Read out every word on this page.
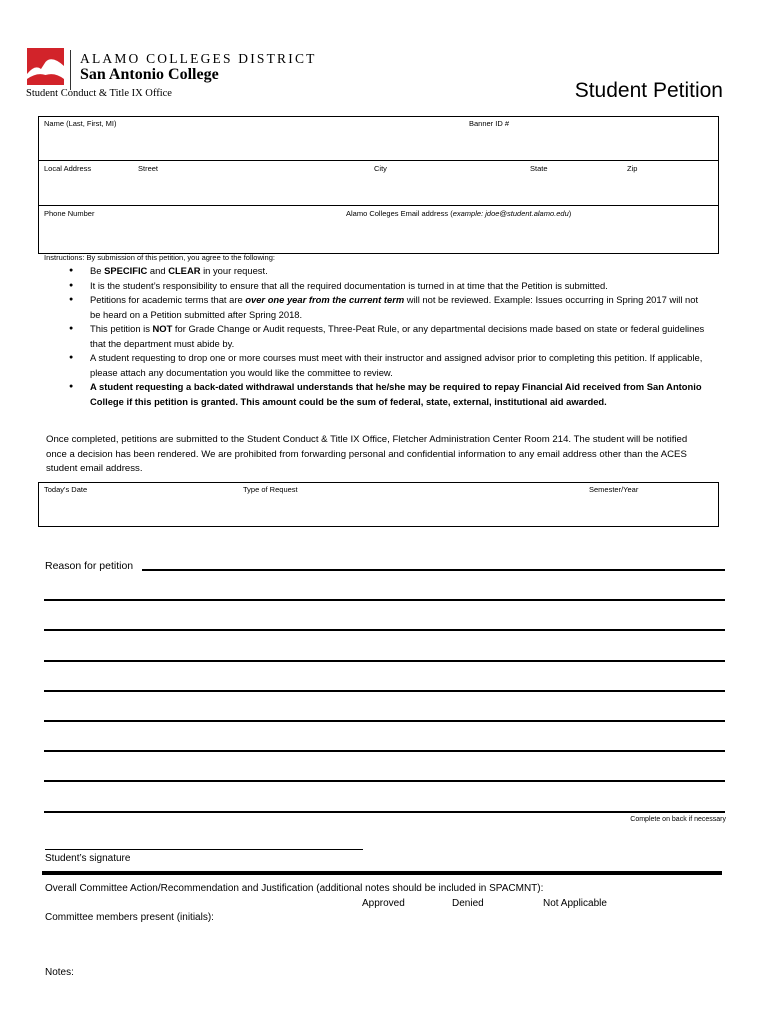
ALAMO COLLEGES DISTRICT
San Antonio College
Student Conduct & Title IX Office	Student Petition
Name (Last, First, MI)	Banner ID #
Local Address	Street	City	State	Zip
Phone Number	Alamo Colleges Email address (example: jdoe@student.alamo.edu)
Instructions: By submission of this petition, you agree to the following:
● Be SPECIFIC and CLEAR in your request.
● It is the student’s responsibility to ensure that all the required documentation is turned in at time that the Petition is submitted.
● Petitions for academic terms that are over one year from the current term will not be reviewed. Example: Issues occurring in Spring 2017 will not be heard on a Petition submitted after Spring 2018.
● This petition is NOT for Grade Change or Audit requests, Three-Peat Rule, or any departmental decisions made based on state or federal guidelines that the department must abide by.
● A student requesting to drop one or more courses must meet with their instructor and assigned advisor prior to completing this petition. If applicable, please attach any documentation you would like the committee to review.
● A student requesting a back-dated withdrawal understands that he/she may be required to repay Financial Aid received from San Antonio College if this petition is granted. This amount could be the sum of federal, state, external, institutional aid awarded.
Once completed, petitions are submitted to the Student Conduct & Title IX Office, Fletcher Administration Center Room 214. The student will be notified once a decision has been rendered. We are prohibited from forwarding personal and confidential information to any email address other than the ACES student email address.
Today's Date	Type of Request	Semester/Year
Reason for petition
Complete on back if necessary
Student’s signature
Overall Committee Action/Recommendation and Justification (additional notes should be included in SPACMNT):
Approved	Denied	Not Applicable
Committee members present (initials):
Notes:
